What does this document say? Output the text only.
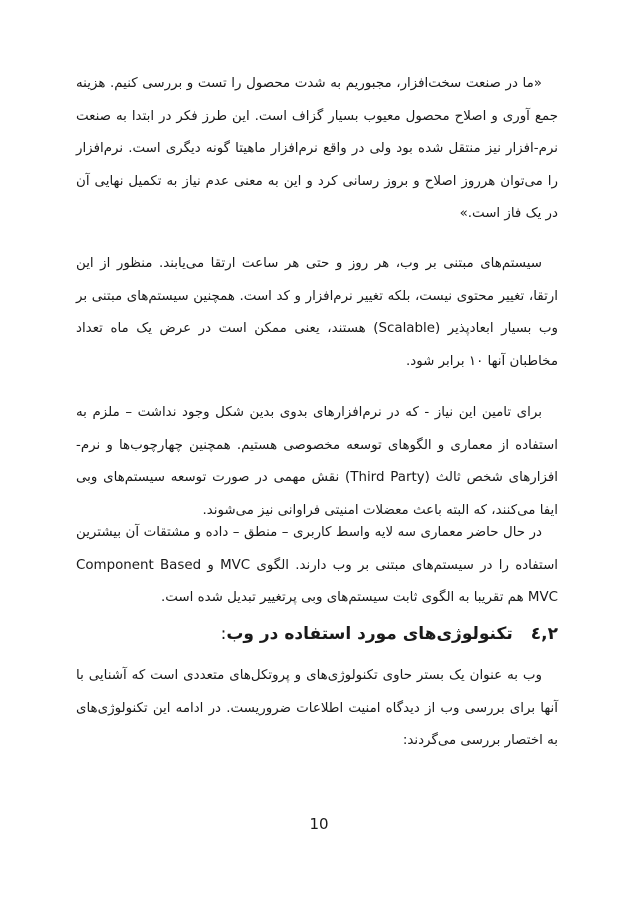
«ما در صنعت سخت‌افزار، مجبوریم به شدت محصول را تست و بررسی کنیم. هزینه جمع آوری و اصلاح محصول معیوب بسیار گزاف است. این طرز فکر در ابتدا به صنعت نرم-افزار نیز منتقل شده بود ولی در واقع نرم‌افزار ماهیتا گونه دیگری است. نرم‌افزار را می‌توان هرروز اصلاح و بروز رسانی کرد و این به معنی عدم نیاز به تکمیل نهایی آن در یک فاز است.»

سیستم‌های مبتنی بر وب، هر روز و حتی هر ساعت ارتقا می‌یابند. منظور از این ارتقا، تغییر محتوی نیست، بلکه تغییر نرم‌افزار و کد است. همچنین سیستم‌های مبتنی بر وب بسیار ابعادپذیر (Scalable) هستند، یعنی ممکن است در عرض یک ماه تعداد مخاطبان آنها ۱۰ برابر شود.

برای تامین این نیاز - که در نرم‌افزارهای بدوی بدین شکل وجود نداشت – ملزم به استفاده از معماری و الگوهای توسعه مخصوصی هستیم. همچنین چهارچوب‌ها و نرم-افزارهای شخص ثالث (Third Party) نقش مهمی در صورت توسعه سیستم‌های وبی ایفا می‌کنند، که البته باعث معضلات امنیتی فراوانی نیز می‌شوند.

در حال حاضر معماری سه لایه واسط کاربری – منطق – داده و مشتقات آن بیشترین استفاده را در سیستم‌های مبتنی بر وب دارند. الگوی MVC و Component Based MVC هم تقریبا به الگوی ثابت سیستم‌های وبی پرتغییر تبدیل شده است.

۲,٤تکنولوژی‌های مورد استفاده در وب:

وب به عنوان یک بستر حاوی تکنولوژی‌های و پروتکل‌های متعددی است که آشنایی با آنها برای بررسی وب از دیدگاه امنیت اطلاعات ضروریست. در ادامه این تکنولوژی‌های به اختصار بررسی می‌گردند:

10
